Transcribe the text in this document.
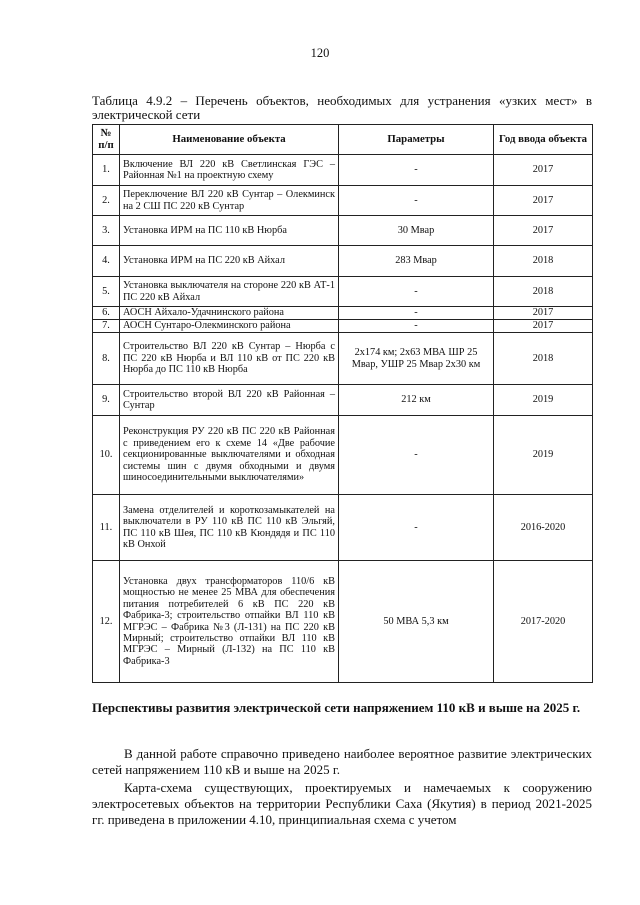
120
Таблица 4.9.2 – Перечень объектов, необходимых для устранения «узких мест» в электрической сети
№ п/п	Наименование объекта	Параметры	Год ввода объекта
1.	Включение ВЛ 220 кВ Светлинская ГЭС – Районная №1 на проектную схему	-	2017
2.	Переключение ВЛ 220 кВ Сунтар – Олекминск на 2 СШ ПС 220 кВ Сунтар	-	2017
3.	Установка ИРМ на ПС 110 кВ Нюрба	30 Мвар	2017
4.	Установка ИРМ на ПС 220 кВ Айхал	283 Мвар	2018
5.	Установка выключателя на стороне 220 кВ АТ-1 ПС 220 кВ Айхал	-	2018
6.	АОСН Айхало-Удачнинского района	-	2017
7.	АОСН Сунтаро-Олекминского района	-	2017
8.	Строительство ВЛ 220 кВ Сунтар – Нюрба с ПС 220 кВ Нюрба и ВЛ 110 кВ от ПС 220 кВ Нюрба до ПС 110 кВ Нюрба	2х174 км; 2х63 МВА ШР 25 Мвар, УШР 25 Мвар 2х30 км	2018
9.	Строительство второй ВЛ 220 кВ Районная – Сунтар	212 км	2019
10.	Реконструкция РУ 220 кВ ПС 220 кВ Районная с приведением его к схеме 14 «Две рабочие секционированные выключателями и обходная системы шин с двумя обходными и двумя шиносоединительными выключателями»	-	2019
11.	Замена отделителей и короткозамыкателей на выключатели в РУ 110 кВ ПС 110 кВ Эльгяй, ПС 110 кВ Шея, ПС 110 кВ Кюндядя и ПС 110 кВ Онхой	-	2016-2020
12.	Установка двух трансформаторов 110/6 кВ мощностью не менее 25 МВА для обеспечения питания потребителей 6 кВ ПС 220 кВ Фабрика-3; строительство отпайки ВЛ 110 кВ МГРЭС – Фабрика №3 (Л-131) на ПС 220 кВ Мирный; строительство отпайки ВЛ 110 кВ МГРЭС – Мирный (Л-132) на ПС 110 кВ Фабрика-3	50 МВА 5,3 км	2017-2020
Перспективы развития электрической сети напряжением 110 кВ и выше на 2025 г.

В данной работе справочно приведено наиболее вероятное развитие электрических сетей напряжением 110 кВ и выше на 2025 г.

Карта-схема существующих, проектируемых и намечаемых к сооружению электросетевых объектов на территории Республики Саха (Якутия) в период 2021-2025 гг. приведена в приложении 4.10, принципиальная схема с учетом
